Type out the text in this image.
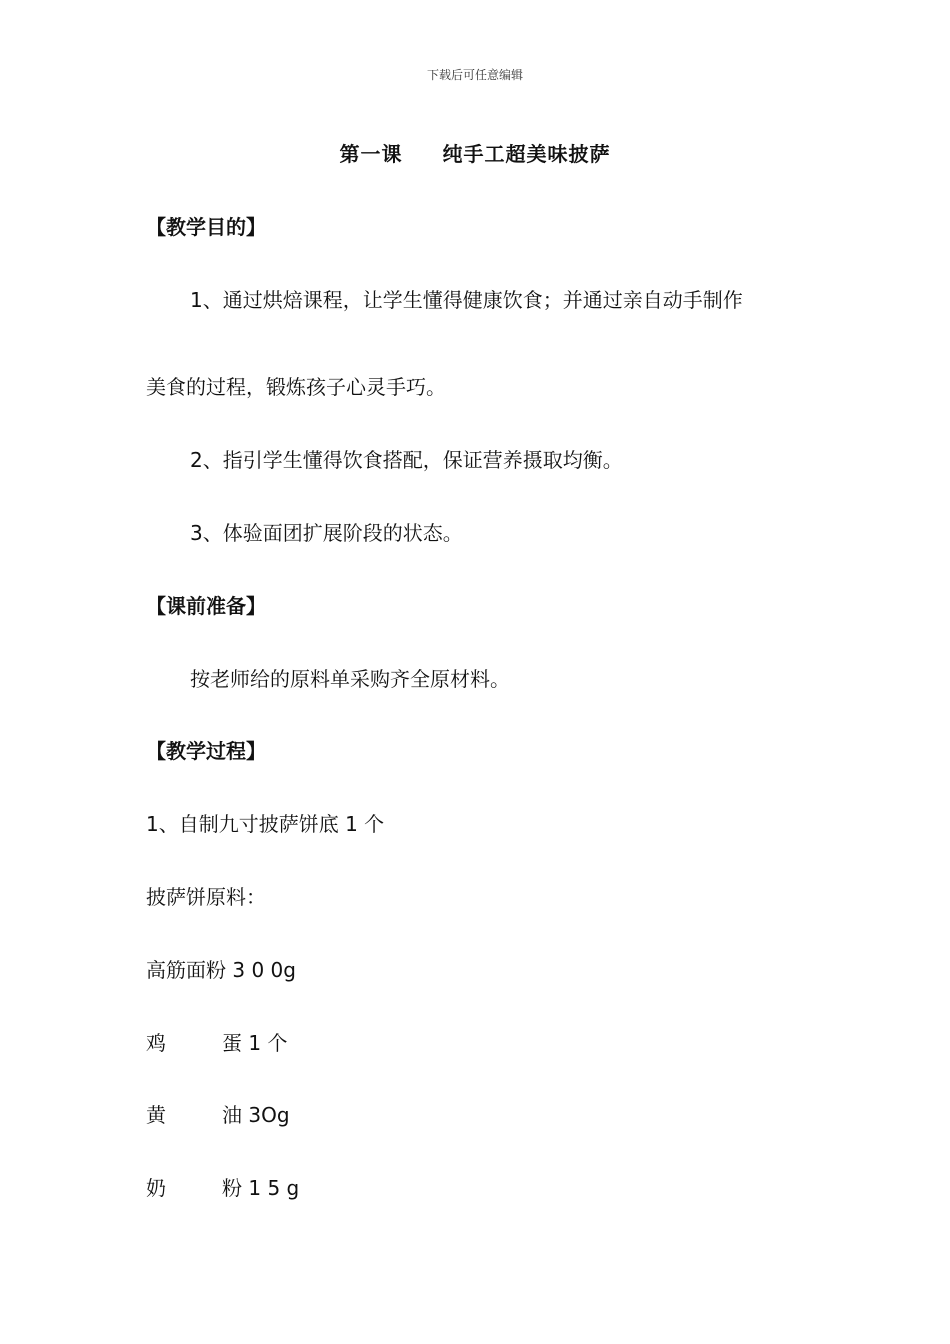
下载后可任意编辑
第一课 纯手工超美味披萨
【教学目的】
1、通过烘焙课程，让学生懂得健康饮食；并通过亲自动手制作
美食的过程，锻炼孩子心灵手巧。
2、指引学生懂得饮食搭配，保证营养摄取均衡。
3、体验面团扩展阶段的状态。
【课前准备】
按老师给的原料单采购齐全原材料。
【教学过程】
1、自制九寸披萨饼底 1 个
披萨饼原料：
高筋面粉 3 0 0g
鸡	蛋 1 个
黄	油 3Og
奶	粉 1 5 g
